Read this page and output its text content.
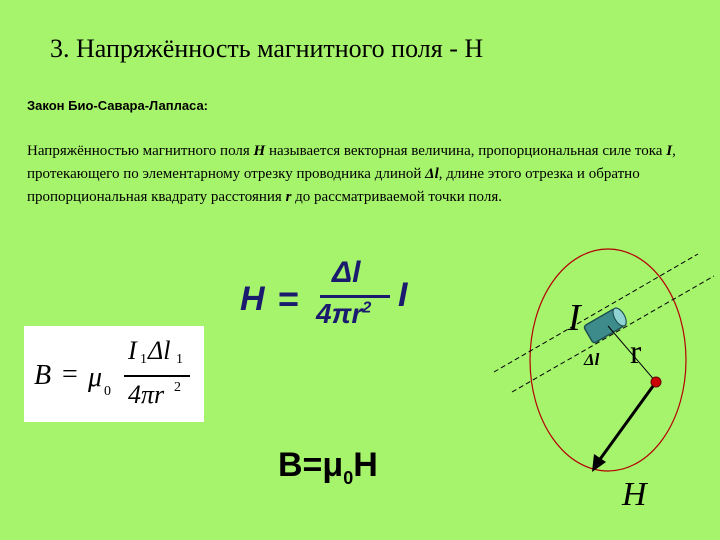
3. Напряжённость магнитного поля - H
Закон Био-Савара-Лапласа:
Напряжённостью магнитного поля H называется векторная величина, пропорциональная силе тока I, протекающего по элементарному отрезку проводника длиной Δl, длине этого отрезка и обратно пропорциональная квадрату расстояния r до рассматриваемой точки поля.
H =
Δl
$4\pi r^2$ I
B = μ 0
I 1 Δl 1
4πr 2
$B=\mu_0H$
I
Δl r
H
